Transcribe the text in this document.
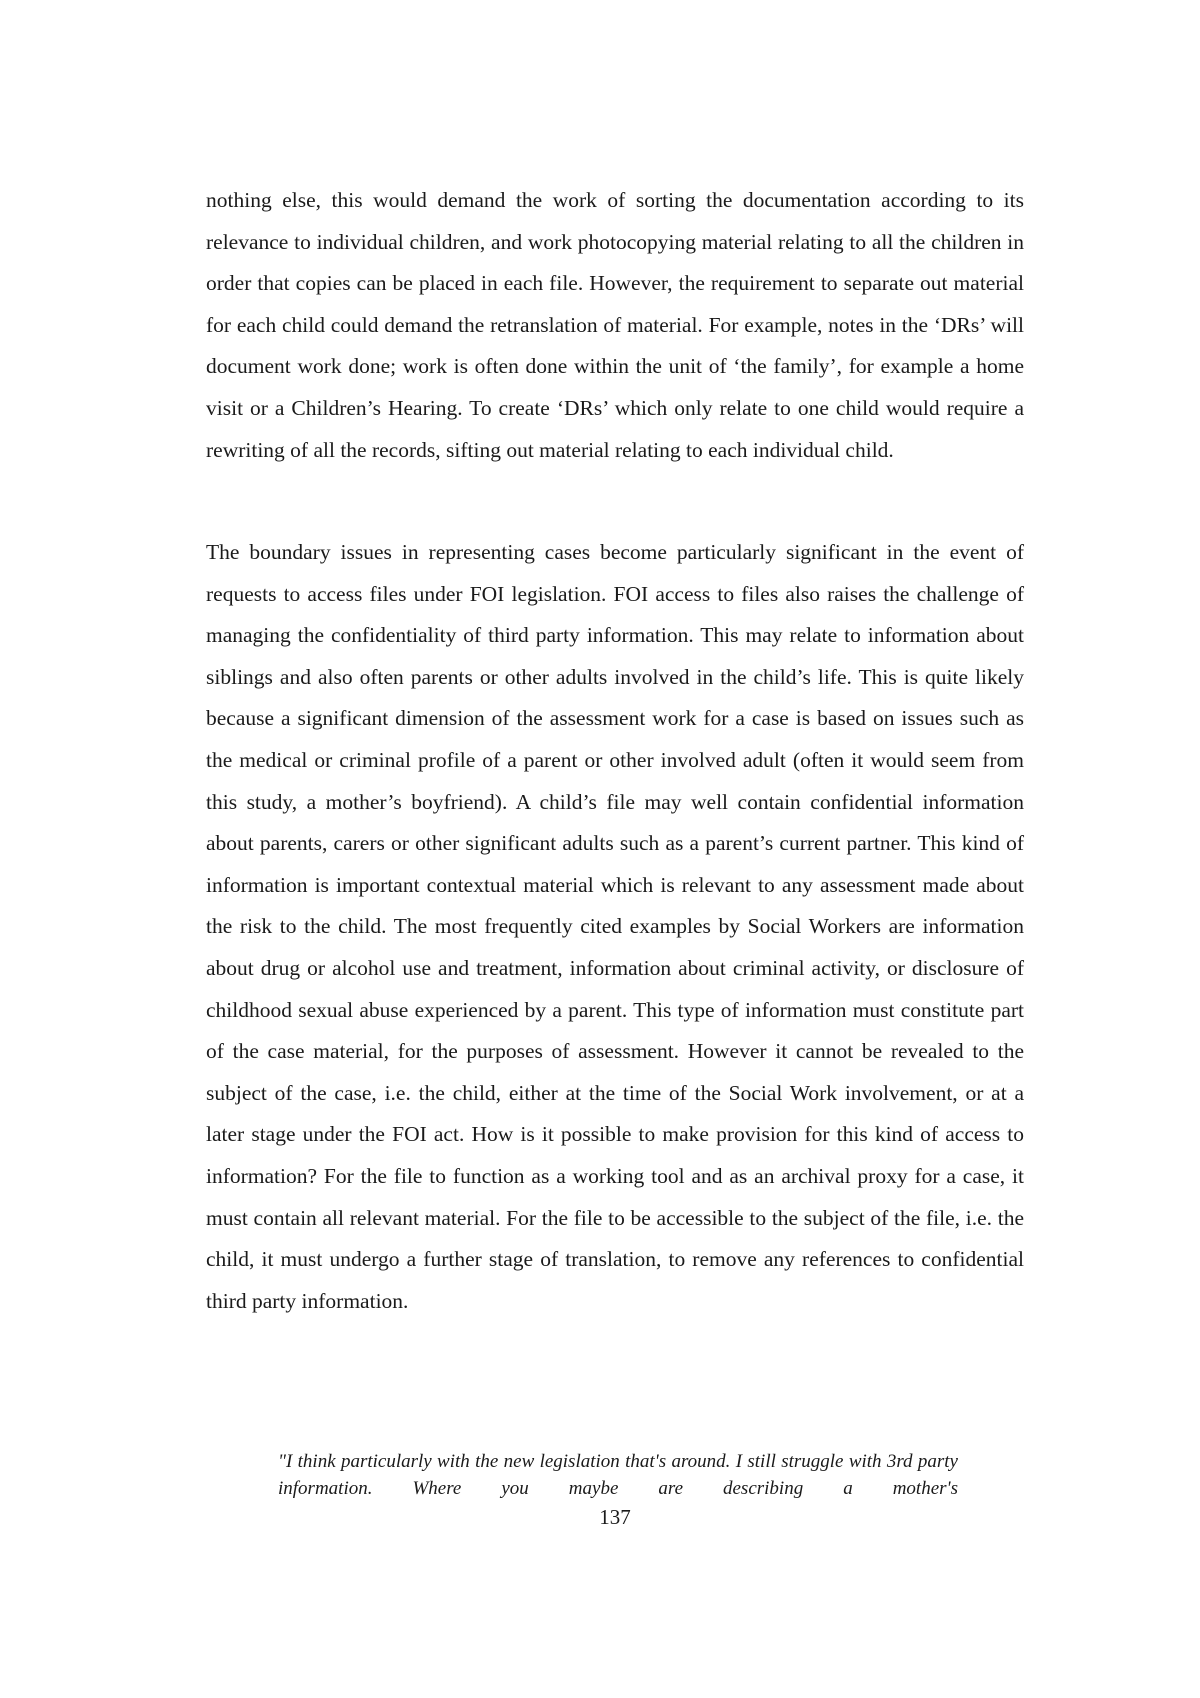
nothing else, this would demand the work of sorting the documentation according to its relevance to individual children, and work photocopying material relating to all the children in order that copies can be placed in each file. However, the requirement to separate out material for each child could demand the retranslation of material. For example, notes in the ‘DRs’ will document work done; work is often done within the unit of ‘the family’, for example a home visit or a Children’s Hearing. To create ‘DRs’ which only relate to one child would require a rewriting of all the records, sifting out material relating to each individual child.

The boundary issues in representing cases become particularly significant in the event of requests to access files under FOI legislation. FOI access to files also raises the challenge of managing the confidentiality of third party information. This may relate to information about siblings and also often parents or other adults involved in the child’s life. This is quite likely because a significant dimension of the assessment work for a case is based on issues such as the medical or criminal profile of a parent or other involved adult (often it would seem from this study, a mother’s boyfriend). A child’s file may well contain confidential information about parents, carers or other significant adults such as a parent’s current partner. This kind of information is important contextual material which is relevant to any assessment made about the risk to the child. The most frequently cited examples by Social Workers are information about drug or alcohol use and treatment, information about criminal activity, or disclosure of childhood sexual abuse experienced by a parent. This type of information must constitute part of the case material, for the purposes of assessment. However it cannot be revealed to the subject of the case, i.e. the child, either at the time of the Social Work involvement, or at a later stage under the FOI act. How is it possible to make provision for this kind of access to information? For the file to function as a working tool and as an archival proxy for a case, it must contain all relevant material. For the file to be accessible to the subject of the file, i.e. the child, it must undergo a further stage of translation, to remove any references to confidential third party information.

"I think particularly with the new legislation that's around. I still struggle with 3rd party information. Where you maybe are describing a mother's

137
